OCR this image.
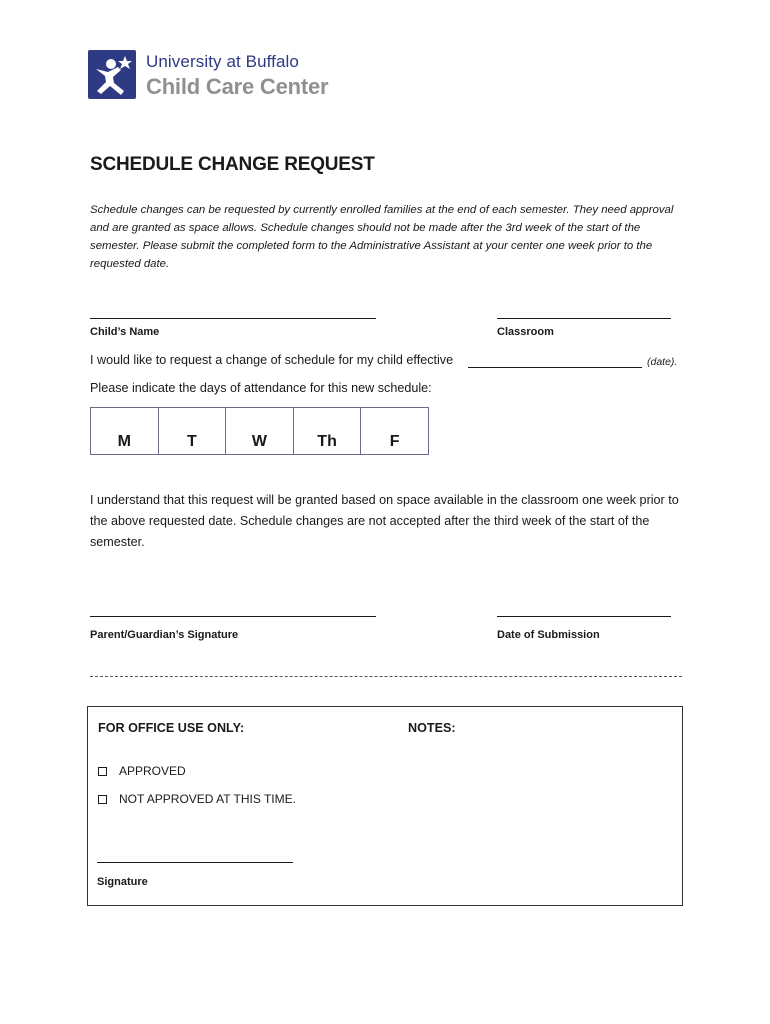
University at Buffalo
Child Care Center
SCHEDULE CHANGE REQUEST
Schedule changes can be requested by currently enrolled families at the end of each semester. They need approval and are granted as space allows. Schedule changes should not be made after the 3rd week of the start of the semester. Please submit the completed form to the Administrative Assistant at your center one week prior to the requested date.
Child’s Name	Classroom
I would like to request a change of schedule for my child effective	(date).
Please indicate the days of attendance for this new schedule:
M	T	W	Th	F
I understand that this request will be granted based on space available in the classroom one week prior to the above requested date. Schedule changes are not accepted after the third week of the start of the semester.
Parent/Guardian’s Signature	Date of Submission
FOR OFFICE USE ONLY:	NOTES:
APPROVED
NOT APPROVED AT THIS TIME.
Signature
